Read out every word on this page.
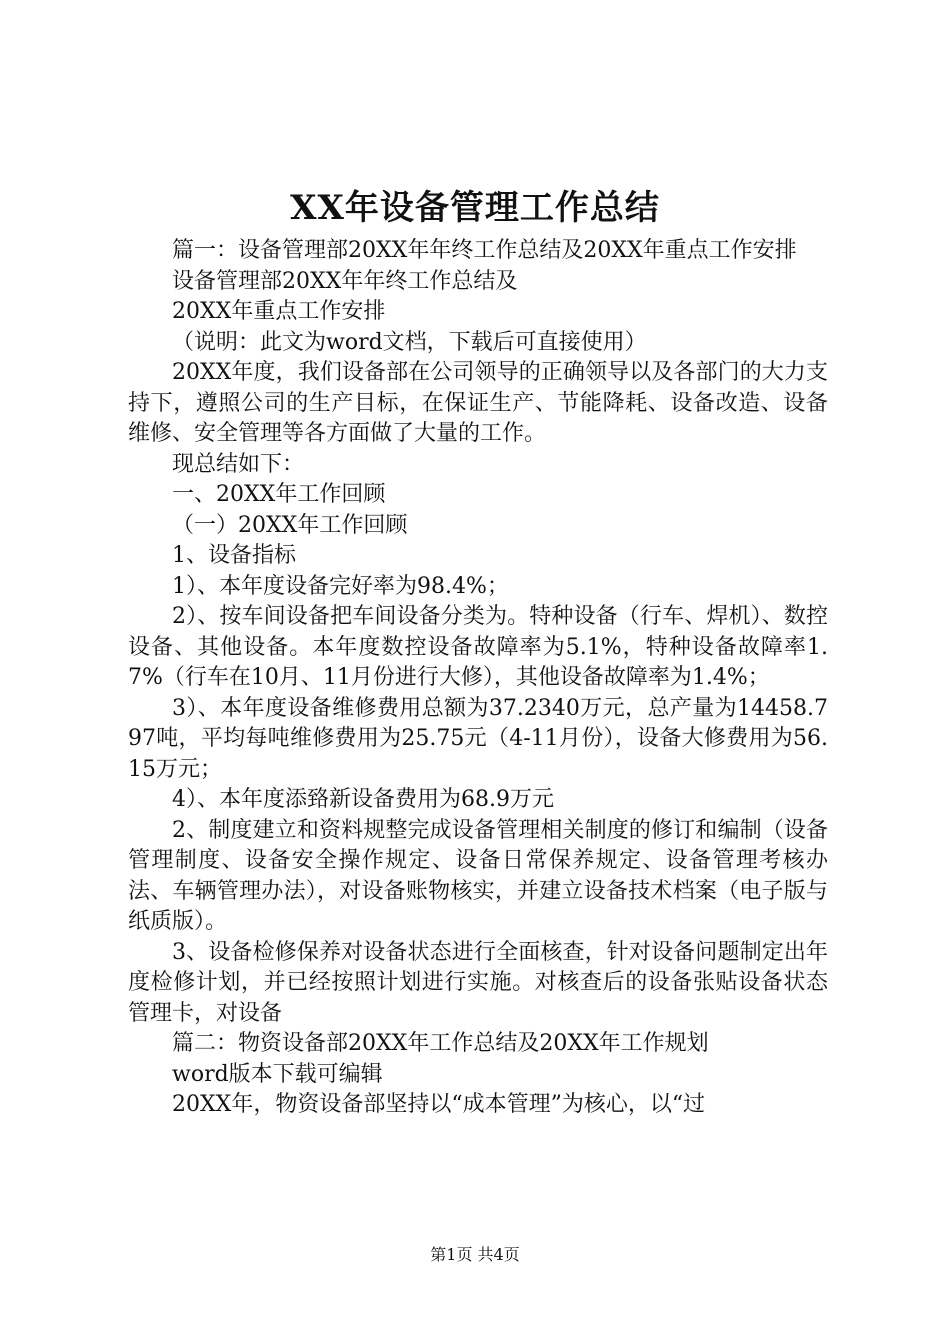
XX年设备管理工作总结

篇一：设备管理部20XX年年终工作总结及20XX年重点工作安排

设备管理部20XX年年终工作总结及

20XX年重点工作安排

（说明：此文为word文档，下载后可直接使用）

20XX年度，我们设备部在公司领导的正确领导以及各部门的大力支持下，遵照公司的生产目标，在保证生产、节能降耗、设备改造、设备维修、安全管理等各方面做了大量的工作。

现总结如下：

一、20XX年工作回顾

（一）20XX年工作回顾

1、设备指标

1）、本年度设备完好率为98.4%；

2）、按车间设备把车间设备分类为。特种设备（行车、焊机）、数控设备、其他设备。本年度数控设备故障率为5.1%，特种设备故障率1.7%（行车在10月、11月份进行大修），其他设备故障率为1.4%；

3）、本年度设备维修费用总额为37.2340万元，总产量为14458.797吨，平均每吨维修费用为25.75元（4-11月份），设备大修费用为56.15万元；

4）、本年度添臵新设备费用为68.9万元

2、制度建立和资料规整完成设备管理相关制度的修订和编制（设备管理制度、设备安全操作规定、设备日常保养规定、设备管理考核办法、车辆管理办法），对设备账物核实，并建立设备技术档案（电子版与纸质版）。

3、设备检修保养对设备状态进行全面核查，针对设备问题制定出年度检修计划，并已经按照计划进行实施。对核查后的设备张贴设备状态管理卡，对设备

篇二：物资设备部20XX年工作总结及20XX年工作规划

word版本下载可编辑

20XX年，物资设备部坚持以“成本管理”为核心，以“过

第1页 共4页
